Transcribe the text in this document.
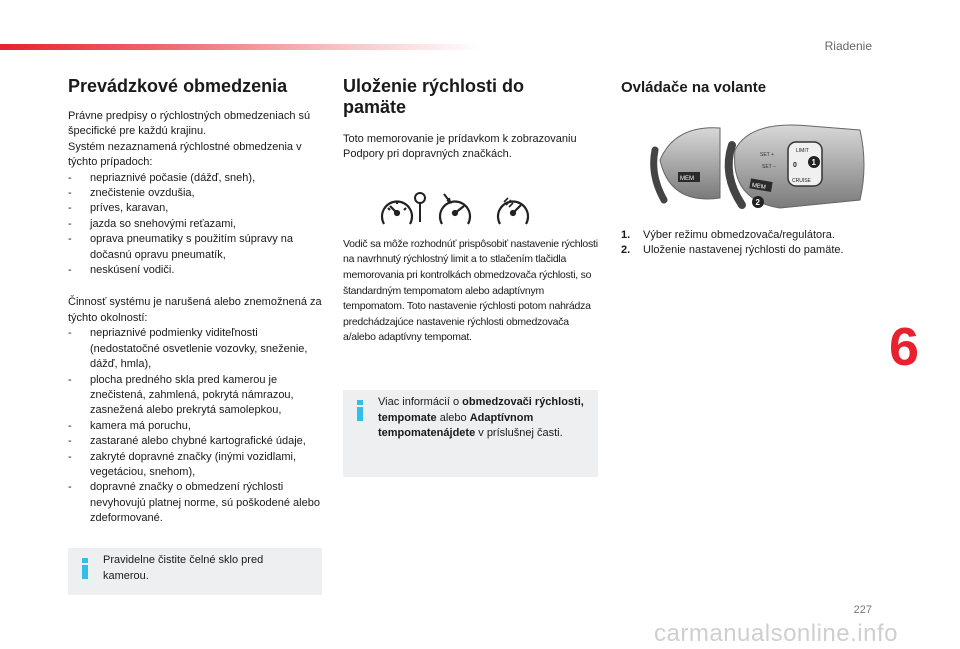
Riadenie
Prevádzkové obmedzenia

Právne predpisy o rýchlostných obmedzeniach sú špecifické pre každú krajinu.

Systém nezaznamená rýchlostné obmedzenia v týchto prípadoch:

- nepriaznivé počasie (dážď, sneh),
- znečistenie ovzdušia,
- príves, karavan,
- jazda so snehovými reťazami,
- oprava pneumatiky s použitím súpravy na dočasnú opravu pneumatík,
- neskúsení vodiči.

Činnosť systému je narušená alebo znemožnená za týchto okolností:

- nepriaznivé podmienky viditeľnosti (nedostatočné osvetlenie vozovky, sneženie, dážď, hmla),
- plocha predného skla pred kamerou je znečistená, zahmlená, pokrytá námrazou, zasnežená alebo prekrytá samolepkou,
- kamera má poruchu,
- zastarané alebo chybné kartografické údaje,
- zakryté dopravné značky (inými vozidlami, vegetáciou, snehom),
- dopravné značky o obmedzení rýchlosti nevyhovujú platnej norme, sú poškodené alebo zdeformované.
Pravidelne čistite čelné sklo pred kamerou.
Uloženie rýchlosti do pamäte

Toto memorovanie je prídavkom k zobrazovaniu Podpory pri dopravných značkách.

Vodič sa môže rozhodnúť prispôsobiť nastavenie rýchlosti na navrhnutý rýchlostný limit a to stlačením tlačidla memorovania pri kontrolkách obmedzovača rýchlosti, so štandardným tempomatom alebo adaptívnym tempomatom. Toto nastavenie rýchlosti potom nahrádza predchádzajúce nastavenie rýchlosti obmedzovača a/alebo adaptívny tempomat.

Viac informácií o obmedzovači rýchlosti, tempomate alebo Adaptívnom tempomatenájdete v príslušnej časti.
Ovládače na volante
MEM
LIMIT
0
CRUISE
MEM
SET +
SET –	1
2
1. Výber režimu obmedzovača/regulátora.
2. Uloženie nastavenej rýchlosti do pamäte.
6
227
carmanualsonline.info
